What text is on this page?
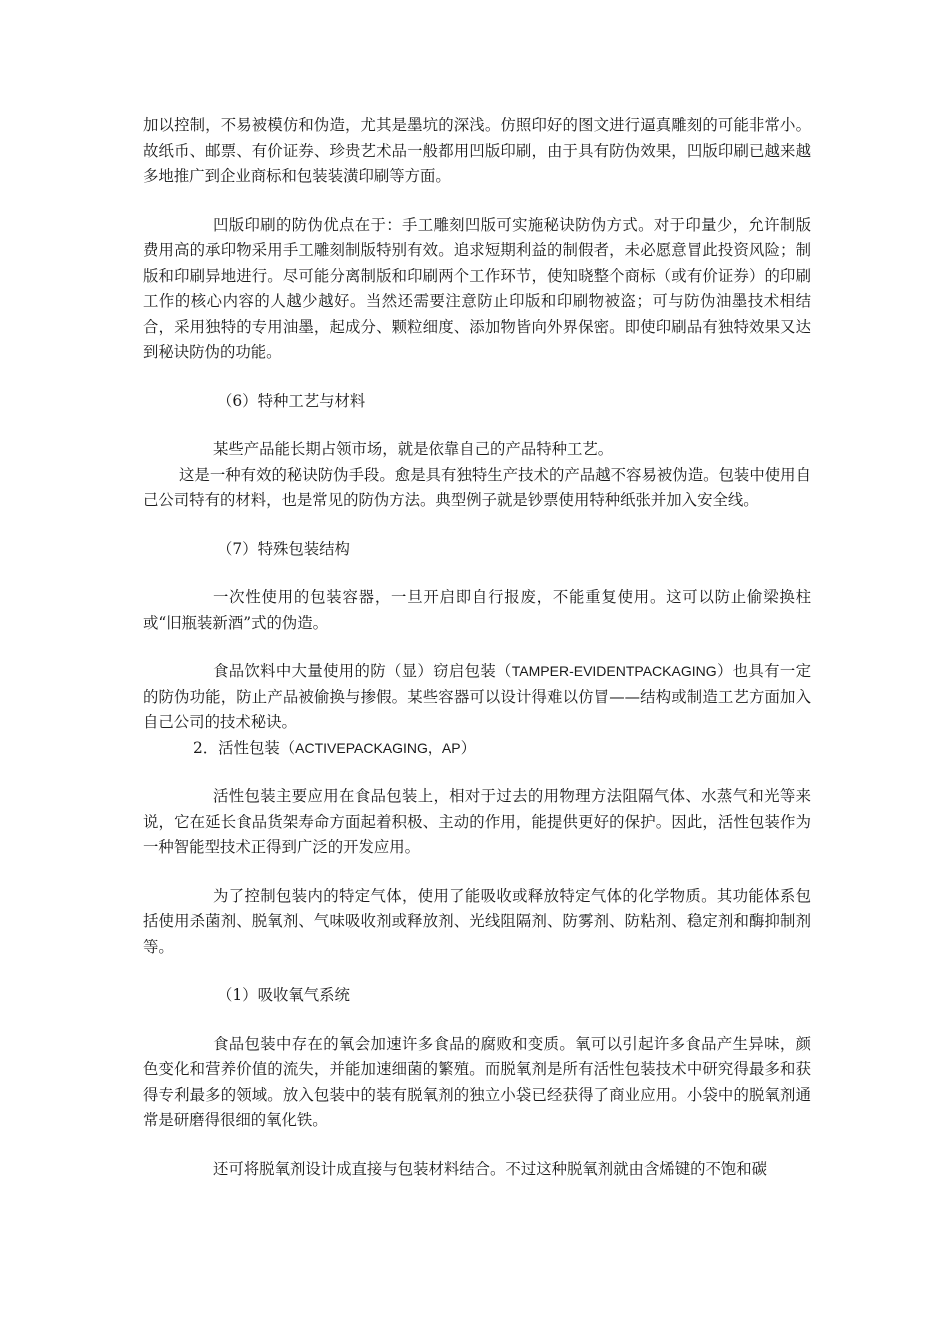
加以控制，不易被模仿和伪造，尤其是墨坑的深浅。仿照印好的图文进行逼真雕刻的可能非常小。故纸币、邮票、有价证券、珍贵艺术品一般都用凹版印刷，由于具有防伪效果，凹版印刷已越来越多地推广到企业商标和包装装潢印刷等方面。

凹版印刷的防伪优点在于：手工雕刻凹版可实施秘诀防伪方式。对于印量少，允许制版费用高的承印物采用手工雕刻制版特别有效。追求短期利益的制假者，未必愿意冒此投资风险；制版和印刷异地进行。尽可能分离制版和印刷两个工作环节，使知晓整个商标（或有价证券）的印刷工作的核心内容的人越少越好。当然还需要注意防止印版和印刷物被盗；可与防伪油墨技术相结合，采用独特的专用油墨，起成分、颗粒细度、添加物皆向外界保密。即使印刷品有独特效果又达到秘诀防伪的功能。

（6）特种工艺与材料

某些产品能长期占领市场，就是依靠自己的产品特种工艺。

这是一种有效的秘诀防伪手段。愈是具有独特生产技术的产品越不容易被伪造。包装中使用自己公司特有的材料，也是常见的防伪方法。典型例子就是钞票使用特种纸张并加入安全线。

（7）特殊包装结构

一次性使用的包装容器，一旦开启即自行报废，不能重复使用。这可以防止偷梁换柱或“旧瓶装新酒”式的伪造。

食品饮料中大量使用的防（显）窃启包装（TAMPER-EVIDENTPACKAGING）也具有一定的防伪功能，防止产品被偷换与掺假。某些容器可以设计得难以仿冒——结构或制造工艺方面加入自己公司的技术秘诀。

2．活性包装（ACTIVEPACKAGING，AP）

活性包装主要应用在食品包装上，相对于过去的用物理方法阻隔气体、水蒸气和光等来说，它在延长食品货架寿命方面起着积极、主动的作用，能提供更好的保护。因此，活性包装作为一种智能型技术正得到广泛的开发应用。

为了控制包装内的特定气体，使用了能吸收或释放特定气体的化学物质。其功能体系包括使用杀菌剂、脱氧剂、气味吸收剂或释放剂、光线阻隔剂、防雾剂、防粘剂、稳定剂和酶抑制剂等。

（1）吸收氧气系统

食品包装中存在的氧会加速许多食品的腐败和变质。氧可以引起许多食品产生异味，颜色变化和营养价值的流失，并能加速细菌的繁殖。而脱氧剂是所有活性包装技术中研究得最多和获得专利最多的领域。放入包装中的装有脱氧剂的独立小袋已经获得了商业应用。小袋中的脱氧剂通常是研磨得很细的氧化铁。

还可将脱氧剂设计成直接与包装材料结合。不过这种脱氧剂就由含烯键的不饱和碳
